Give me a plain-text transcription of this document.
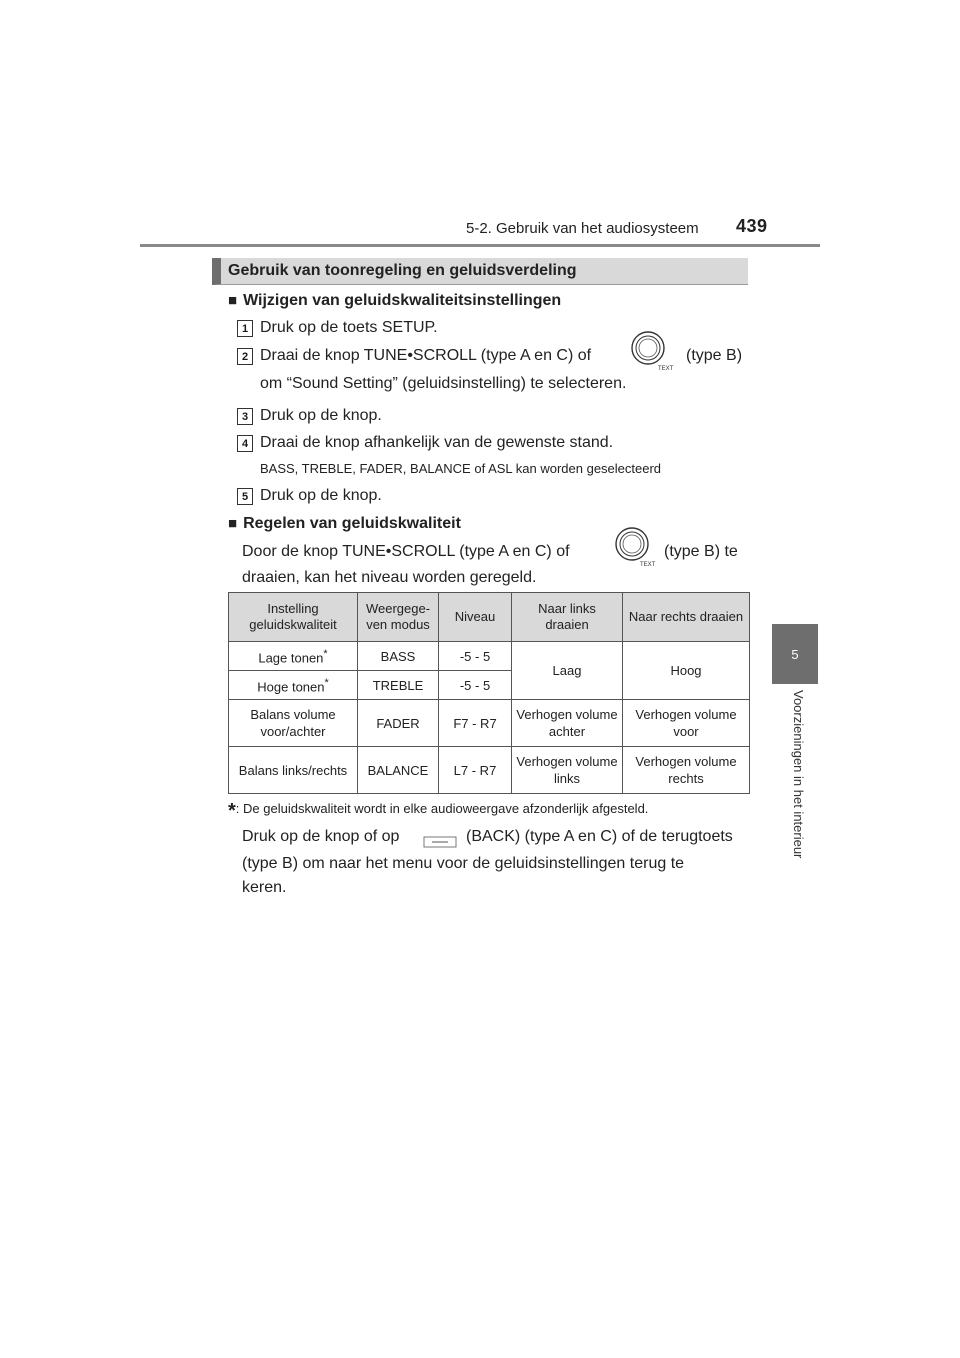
5-2. Gebruik van het audiosysteem 439
5
Voorzieningen in het interieur
Gebruik van toonregeling en geluidsverdeling
■ Wijzigen van geluidskwaliteitsinstellingen
1 Druk op de toets SETUP.
2 Draai de knop TUNE•SCROLL (type A en C) of
TEXT
(type B)
om “Sound Setting” (geluidsinstelling) te selecteren.
3 Druk op de knop.
4 Draai de knop afhankelijk van de gewenste stand.
BASS, TREBLE, FADER, BALANCE of ASL kan worden geselecteerd
5 Druk op de knop.
■ Regelen van geluidskwaliteit
Door de knop TUNE•SCROLL (type A en C) of
TEXT
(type B) te
draaien, kan het niveau worden geregeld.
Instelling geluidskwaliteit	Weergege-ven modus	Niveau	Naar links draaien	Naar rechts draaien
Lage tonen*	BASS	-5 - 5	Laag	Hoog
Hoge tonen*	TREBLE	-5 - 5		
Balans volume voor/achter	FADER	F7 - R7	Verhogen volume achter	Verhogen volume voor
Balans links/rechts	BALANCE	L7 - R7	Verhogen volume links	Verhogen volume rechts
*: De geluidskwaliteit wordt in elke audioweergave afzonderlijk afgesteld.
Druk op de knop of op	(BACK) (type A en C) of de terugtoets
(type B) om naar het menu voor de geluidsinstellingen terug te
keren.
